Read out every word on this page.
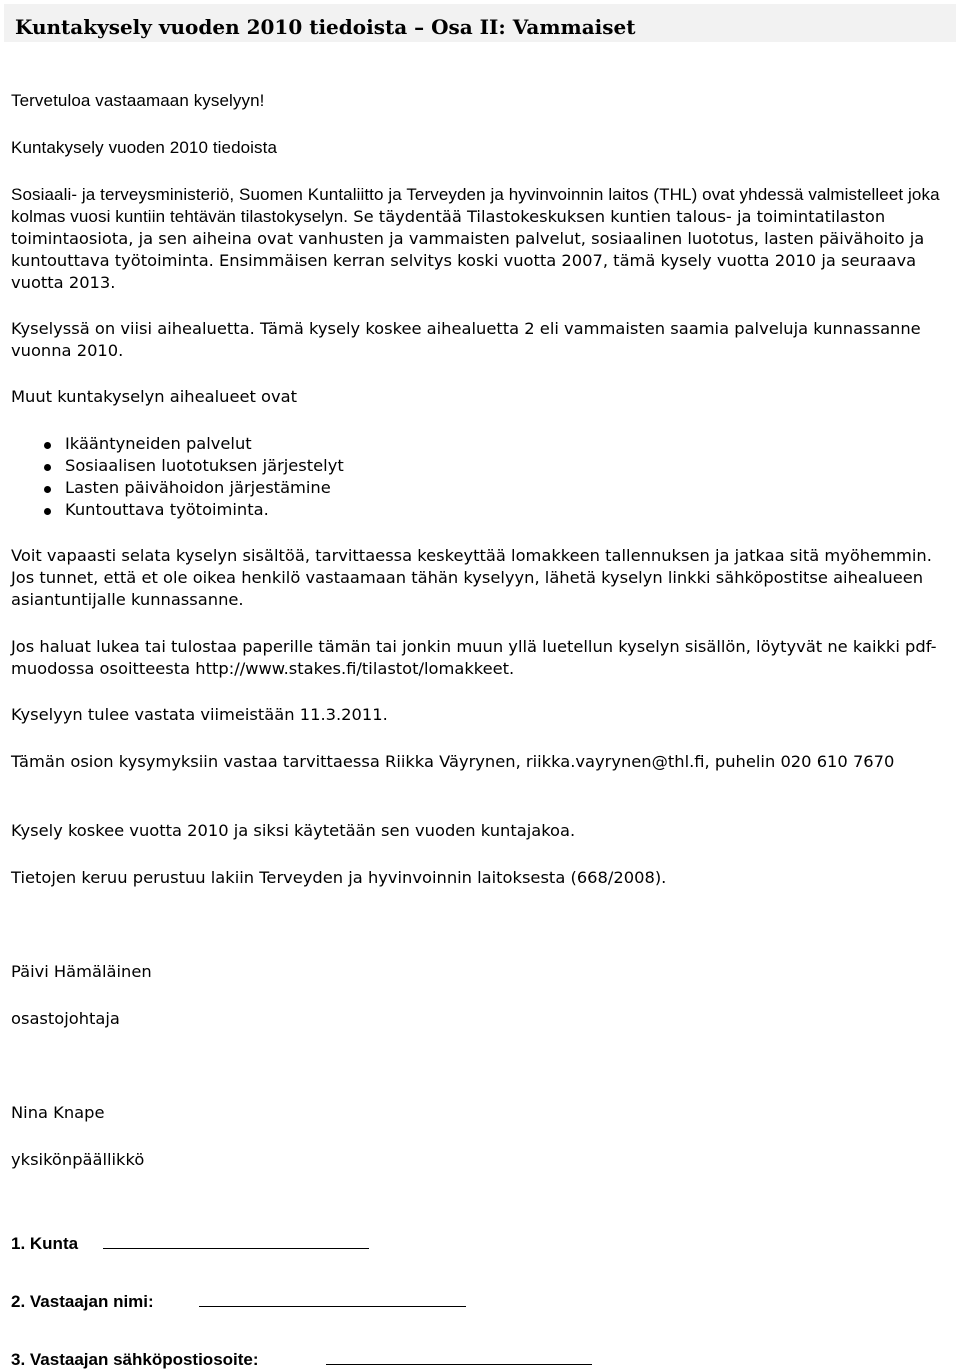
Kuntakysely vuoden 2010 tiedoista – Osa II: Vammaiset

Tervetuloa vastaamaan kyselyyn!

Kuntakysely vuoden 2010 tiedoista

Sosiaali- ja terveysministeriö, Suomen Kuntaliitto ja Terveyden ja hyvinvoinnin laitos (THL) ovat yhdessä valmistelleet joka kolmas vuosi kuntiin tehtävän tilastokyselyn. Se täydentää Tilastokeskuksen kuntien talous- ja toimintatilaston toimintaosiota, ja sen aiheina ovat vanhusten ja vammaisten palvelut, sosiaalinen luototus, lasten päivähoito ja kuntouttava työtoiminta. Ensimmäisen kerran selvitys koski vuotta 2007, tämä kysely vuotta 2010 ja seuraava vuotta 2013.

Kyselyssä on viisi aihealuetta. Tämä kysely koskee aihealuetta 2 eli vammaisten saamia palveluja kunnassanne vuonna 2010.

Muut kuntakyselyn aihealueet ovat

Ikääntyneiden palvelut
Sosiaalisen luototuksen järjestelyt
Lasten päivähoidon järjestämine
Kuntouttava työtoiminta.

Voit vapaasti selata kyselyn sisältöä, tarvittaessa keskeyttää lomakkeen tallennuksen ja jatkaa sitä myöhemmin. Jos tunnet, että et ole oikea henkilö vastaamaan tähän kyselyyn, lähetä kyselyn linkki sähköpostitse aihealueen asiantuntijalle kunnassanne.

Jos haluat lukea tai tulostaa paperille tämän tai jonkin muun yllä luetellun kyselyn sisällön, löytyvät ne kaikki pdf-muodossa osoitteesta http://www.stakes.fi/tilastot/lomakkeet.

Kyselyyn tulee vastata viimeistään 11.3.2011.

Tämän osion kysymyksiin vastaa tarvittaessa Riikka Väyrynen, riikka.vayrynen@thl.fi, puhelin 020 610 7670

Kysely koskee vuotta 2010 ja siksi käytetään sen vuoden kuntajakoa.

Tietojen keruu perustuu lakiin Terveyden ja hyvinvoinnin laitoksesta (668/2008).

Päivi Hämäläinen

osastojohtaja

Nina Knape

yksikönpäällikkö

1. Kunta
2. Vastaajan nimi:
3. Vastaajan sähköpostiosoite:
